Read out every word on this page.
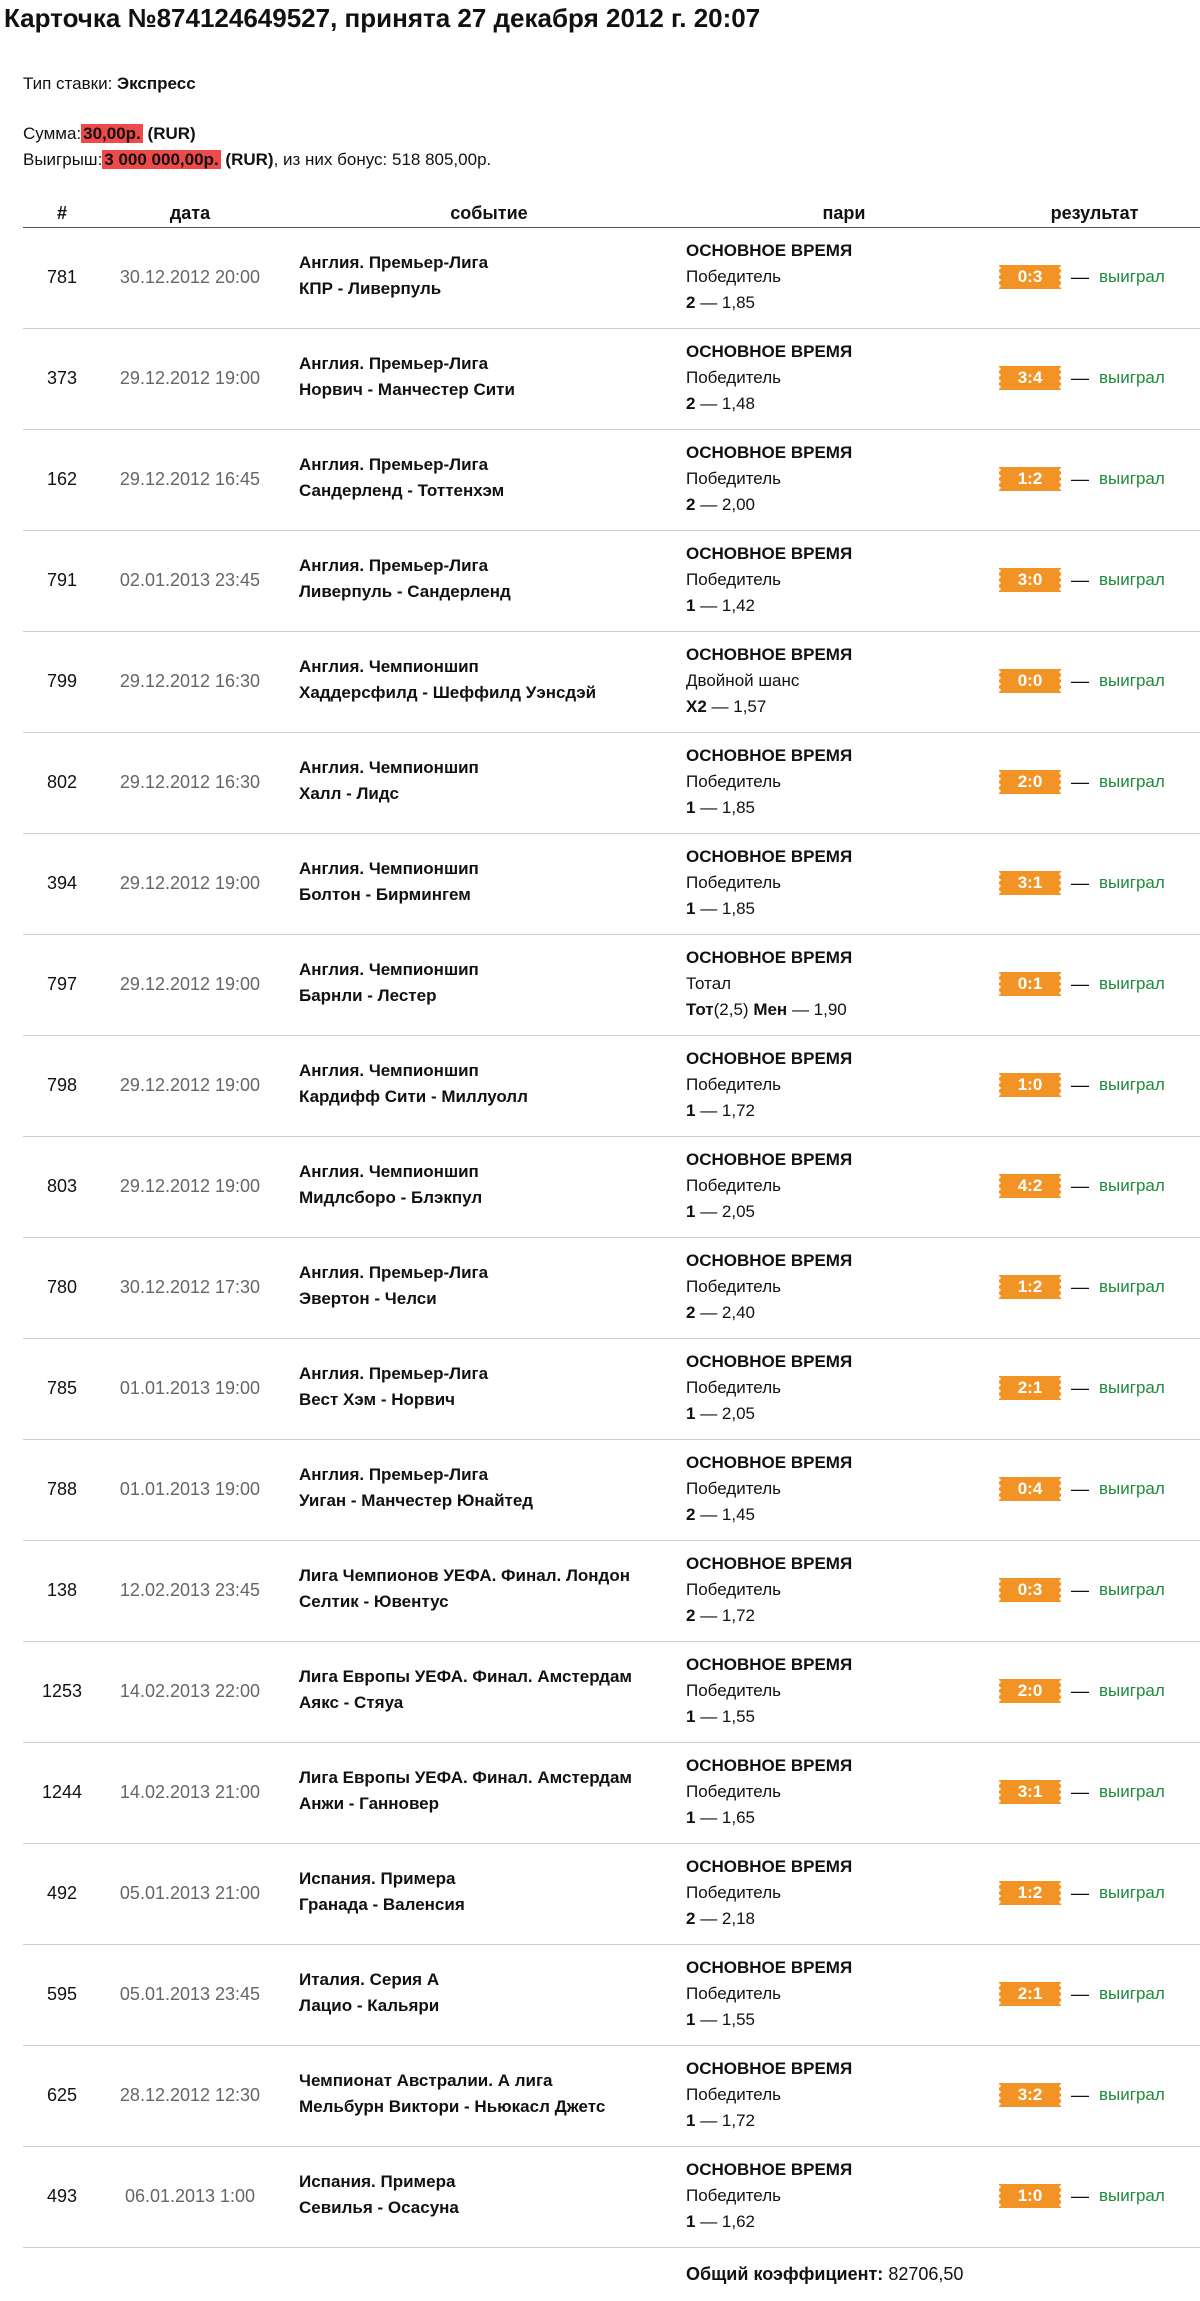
Карточка №874124649527, принята 27 декабря 2012 г. 20:07
Тип ставки: Экспресс
Сумма: 30,00р. (RUR)
Выигрыш: 3 000 000,00р. (RUR), из них бонус: 518 805,00р.
#	дата	событие	пари	результат
781	30.12.2012 20:00
Англия. Премьер-Лига
КПР - Ливерпуль
ОСНОВНОЕ ВРЕМЯ
Победитель
2 — 1,85
0:3	— выиграл
373	29.12.2012 19:00
Англия. Премьер-Лига
Норвич - Манчестер Сити
ОСНОВНОЕ ВРЕМЯ
Победитель
2 — 1,48
3:4	— выиграл
162	29.12.2012 16:45
Англия. Премьер-Лига
Сандерленд - Тоттенхэм
ОСНОВНОЕ ВРЕМЯ
Победитель
2 — 2,00
1:2	— выиграл
791	02.01.2013 23:45
Англия. Премьер-Лига
Ливерпуль - Сандерленд
ОСНОВНОЕ ВРЕМЯ
Победитель
1 — 1,42
3:0	— выиграл
799	29.12.2012 16:30
Англия. Чемпионшип
Хаддерсфилд - Шеффилд Уэнсдэй
ОСНОВНОЕ ВРЕМЯ
Двойной шанс
X2 — 1,57
0:0	— выиграл
802	29.12.2012 16:30
Англия. Чемпионшип
Халл - Лидс
ОСНОВНОЕ ВРЕМЯ
Победитель
1 — 1,85
2:0	— выиграл
394	29.12.2012 19:00
Англия. Чемпионшип
Болтон - Бирмингем
ОСНОВНОЕ ВРЕМЯ
Победитель
1 — 1,85
3:1	— выиграл
797	29.12.2012 19:00
Англия. Чемпионшип
Барнли - Лестер
ОСНОВНОЕ ВРЕМЯ
Тотал
Тот(2,5) Мен — 1,90
0:1	— выиграл
798	29.12.2012 19:00
Англия. Чемпионшип
Кардифф Сити - Миллуолл
ОСНОВНОЕ ВРЕМЯ
Победитель
1 — 1,72
1:0	— выиграл
803	29.12.2012 19:00
Англия. Чемпионшип
Мидлсборо - Блэкпул
ОСНОВНОЕ ВРЕМЯ
Победитель
1 — 2,05
4:2	— выиграл
780	30.12.2012 17:30
Англия. Премьер-Лига
Эвертон - Челси
ОСНОВНОЕ ВРЕМЯ
Победитель
2 — 2,40
1:2	— выиграл
785	01.01.2013 19:00
Англия. Премьер-Лига
Вест Хэм - Норвич
ОСНОВНОЕ ВРЕМЯ
Победитель
1 — 2,05
2:1	— выиграл
788	01.01.2013 19:00
Англия. Премьер-Лига
Уиган - Манчестер Юнайтед
ОСНОВНОЕ ВРЕМЯ
Победитель
2 — 1,45
0:4	— выиграл
138	12.02.2013 23:45
Лига Чемпионов УЕФА. Финал. Лондон
Селтик - Ювентус
ОСНОВНОЕ ВРЕМЯ
Победитель
2 — 1,72
0:3	— выиграл
1253	14.02.2013 22:00
Лига Европы УЕФА. Финал. Амстердам
Аякс - Стяуа
ОСНОВНОЕ ВРЕМЯ
Победитель
1 — 1,55
2:0	— выиграл
1244	14.02.2013 21:00
Лига Европы УЕФА. Финал. Амстердам
Анжи - Ганновер
ОСНОВНОЕ ВРЕМЯ
Победитель
1 — 1,65
3:1	— выиграл
492	05.01.2013 21:00
Испания. Примера
Гранада - Валенсия
ОСНОВНОЕ ВРЕМЯ
Победитель
2 — 2,18
1:2	— выиграл
595	05.01.2013 23:45
Италия. Серия А
Лацио - Кальяри
ОСНОВНОЕ ВРЕМЯ
Победитель
1 — 1,55
2:1	— выиграл
625	28.12.2012 12:30
Чемпионат Австралии. А лига
Мельбурн Виктори - Ньюкасл Джетс
ОСНОВНОЕ ВРЕМЯ
Победитель
1 — 1,72
3:2	— выиграл
493	06.01.2013 1:00
Испания. Примера
Севилья - Осасуна
ОСНОВНОЕ ВРЕМЯ
Победитель
1 — 1,62
1:0	— выиграл
Общий коэффициент: 82706,50
